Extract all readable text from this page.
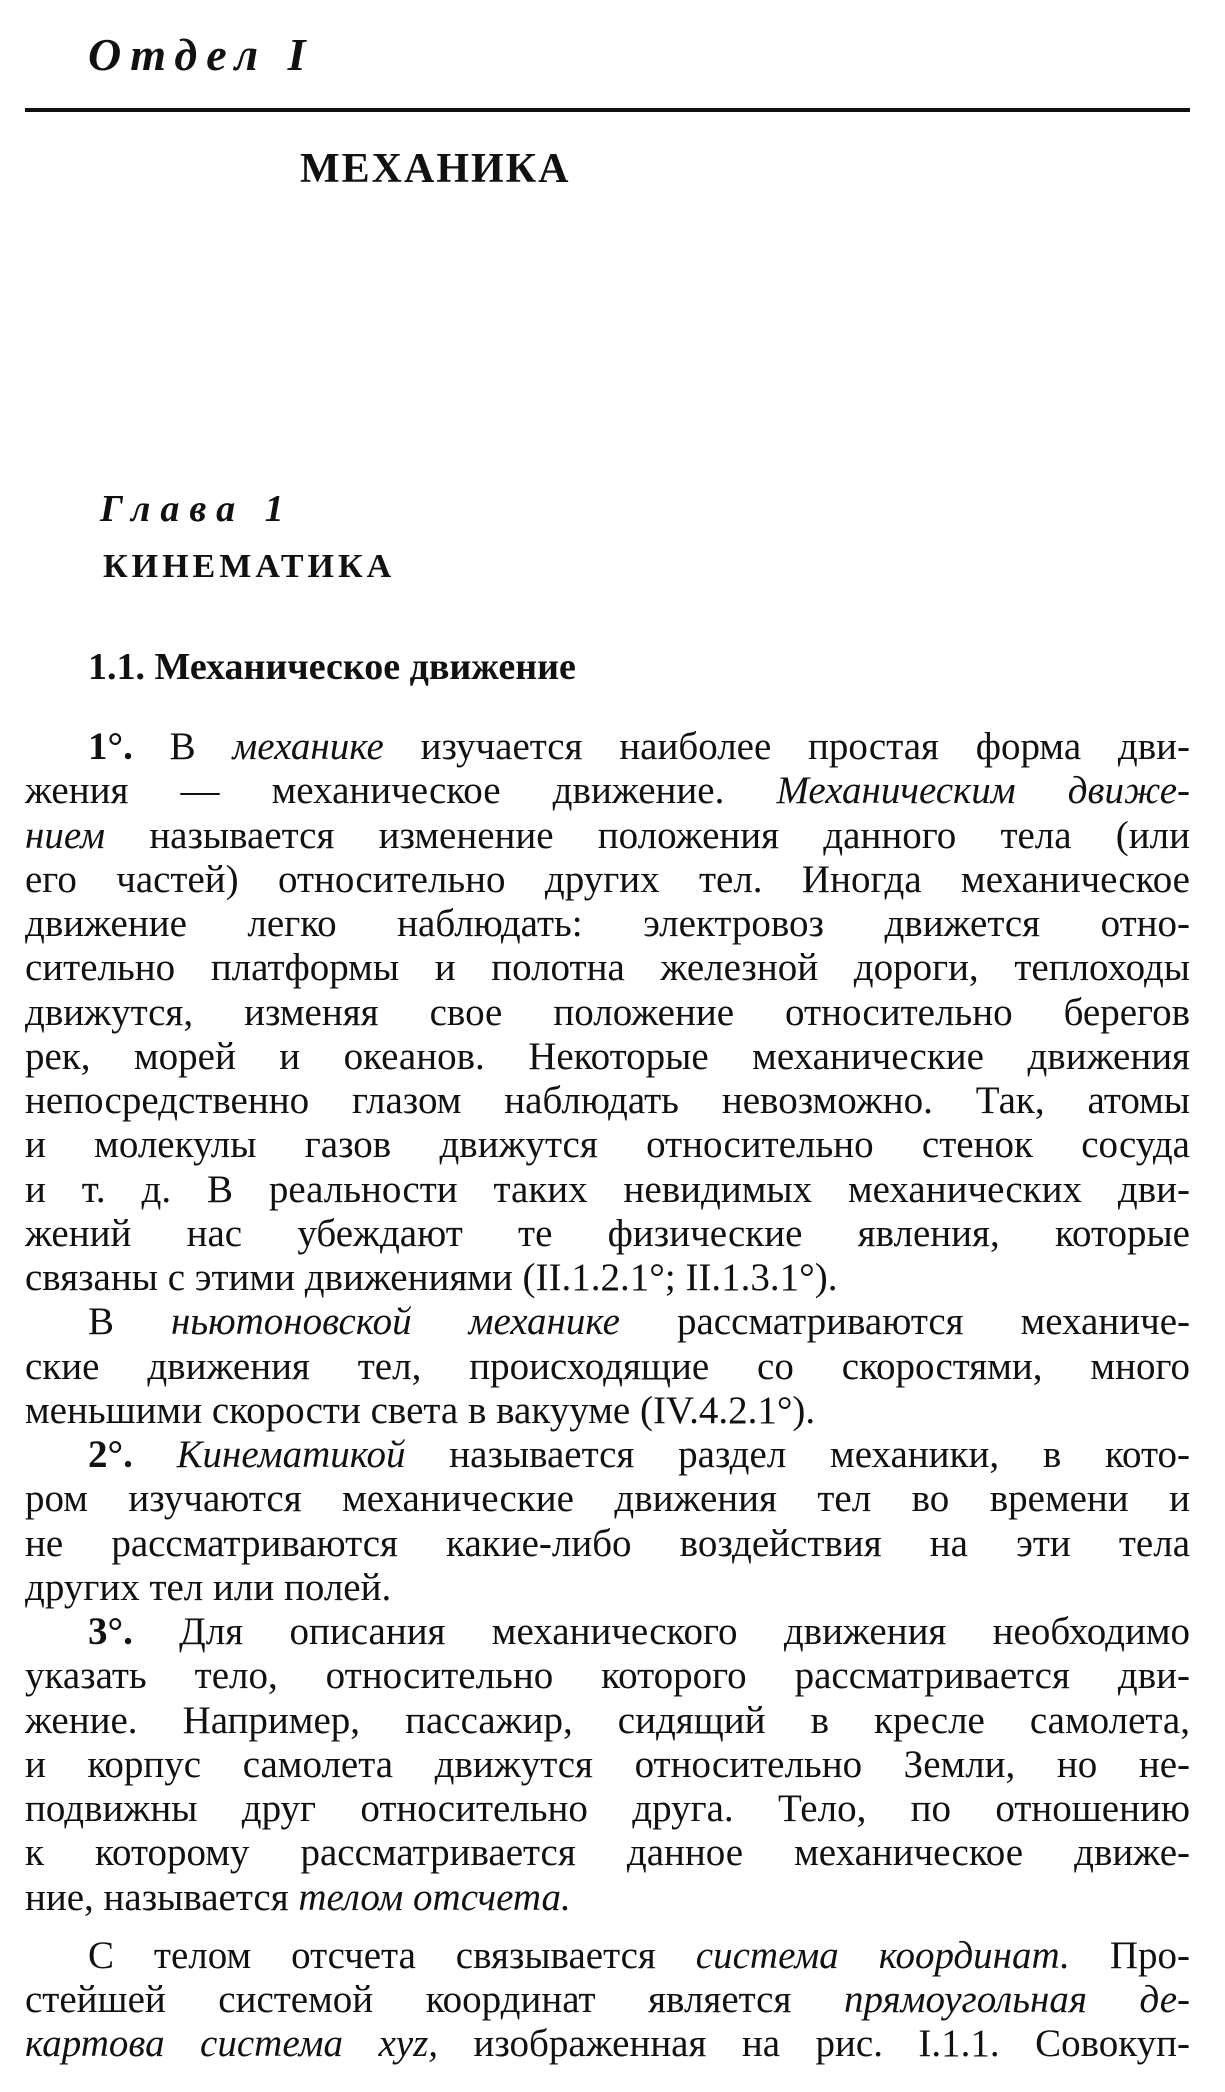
Отдел I
МЕХАНИКА
Глава 1
КИНЕМАТИКА
1.1. Механическое движение
1°. В механике изучается наиболее простая форма дви-
жения — механическое движение. Механическим движе-
нием называется изменение положения данного тела (или
его частей) относительно других тел. Иногда механическое
движение легко наблюдать: электровоз движется отно-
сительно платформы и полотна железной дороги, теплоходы
движутся, изменяя свое положение относительно берегов
рек, морей и океанов. Некоторые механические движения
непосредственно глазом наблюдать невозможно. Так, атомы
и молекулы газов движутся относительно стенок сосуда
и т. д. В реальности таких невидимых механических дви-
жений нас убеждают те физические явления, которые
связаны с этими движениями (II.1.2.1°; II.1.3.1°).
В ньютоновской механике рассматриваются механиче-
ские движения тел, происходящие со скоростями, много
меньшими скорости света в вакууме (IV.4.2.1°).
2°. Кинематикой называется раздел механики, в кото-
ром изучаются механические движения тел во времени и
не рассматриваются какие-либо воздействия на эти тела
других тел или полей.
3°. Для описания механического движения необходимо
указать тело, относительно которого рассматривается дви-
жение. Например, пассажир, сидящий в кресле самолета,
и корпус самолета движутся относительно Земли, но не-
подвижны друг относительно друга. Тело, по отношению
к которому рассматривается данное механическое движе-
ние, называется телом отсчета.
С телом отсчета связывается система координат. Про-
стейшей системой координат является прямоугольная де-
картова система xyz, изображенная на рис. I.1.1. Совокуп-
